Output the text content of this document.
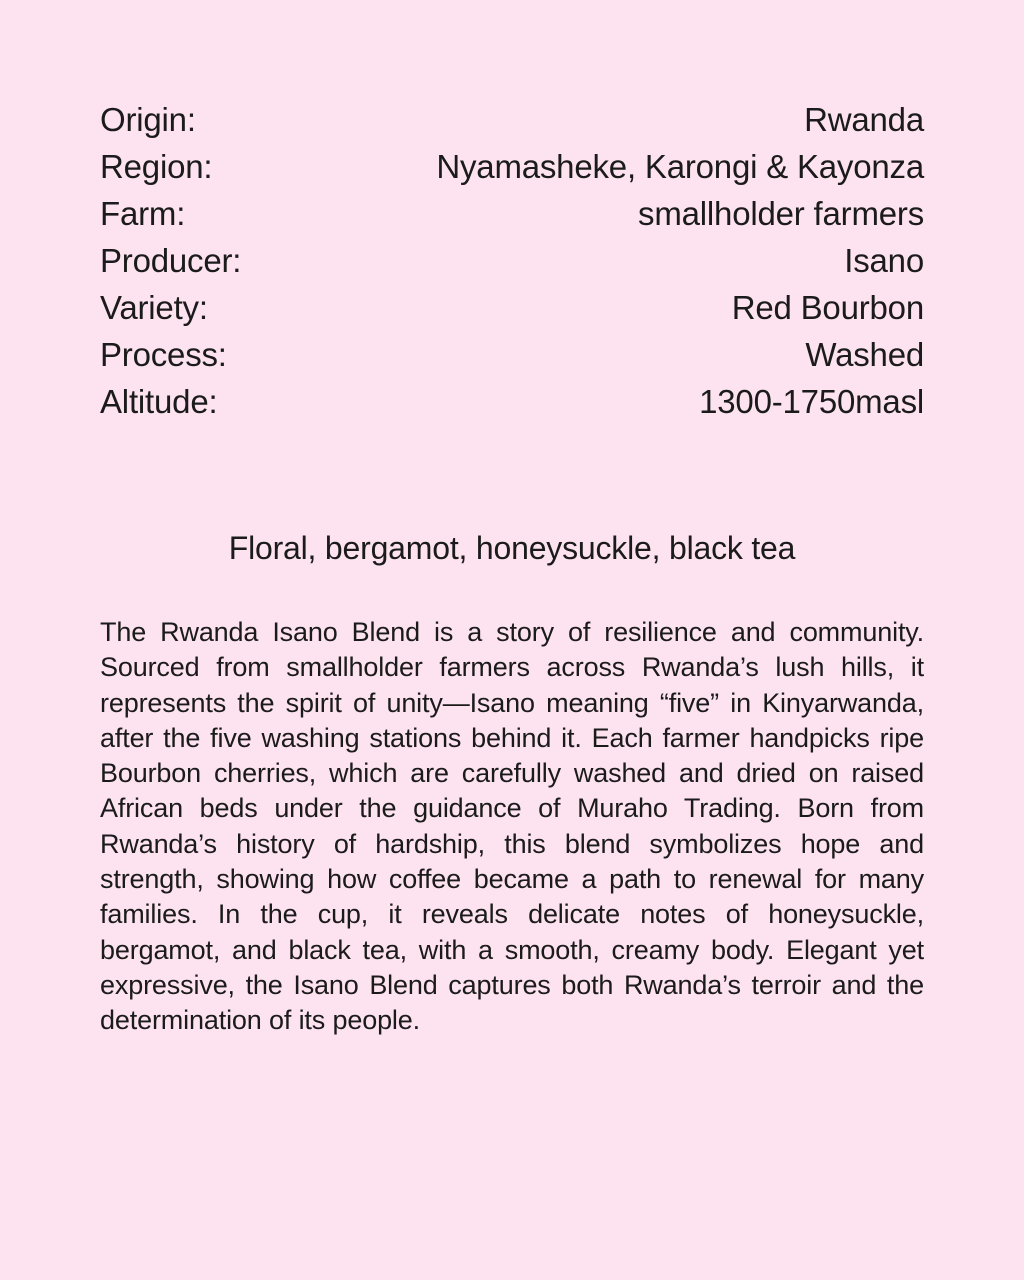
Origin:	Rwanda
Region:	Nyamasheke, Karongi & Kayonza
Farm:	smallholder farmers
Producer:	Isano
Variety:	Red Bourbon
Process:	Washed
Altitude:	1300-1750masl
Floral, bergamot, honeysuckle, black tea
The Rwanda Isano Blend is a story of resilience and community. Sourced from smallholder farmers across Rwanda’s lush hills, it represents the spirit of unity—Isano meaning “five” in Kinyarwanda, after the five washing stations behind it. Each farmer handpicks ripe Bourbon cherries, which are carefully washed and dried on raised African beds under the guidance of Muraho Trading. Born from Rwanda’s history of hardship, this blend symbolizes hope and strength, showing how coffee became a path to renewal for many families. In the cup, it reveals delicate notes of honeysuckle, bergamot, and black tea, with a smooth, creamy body. Elegant yet expressive, the Isano Blend captures both Rwanda’s terroir and the determination of its people.
